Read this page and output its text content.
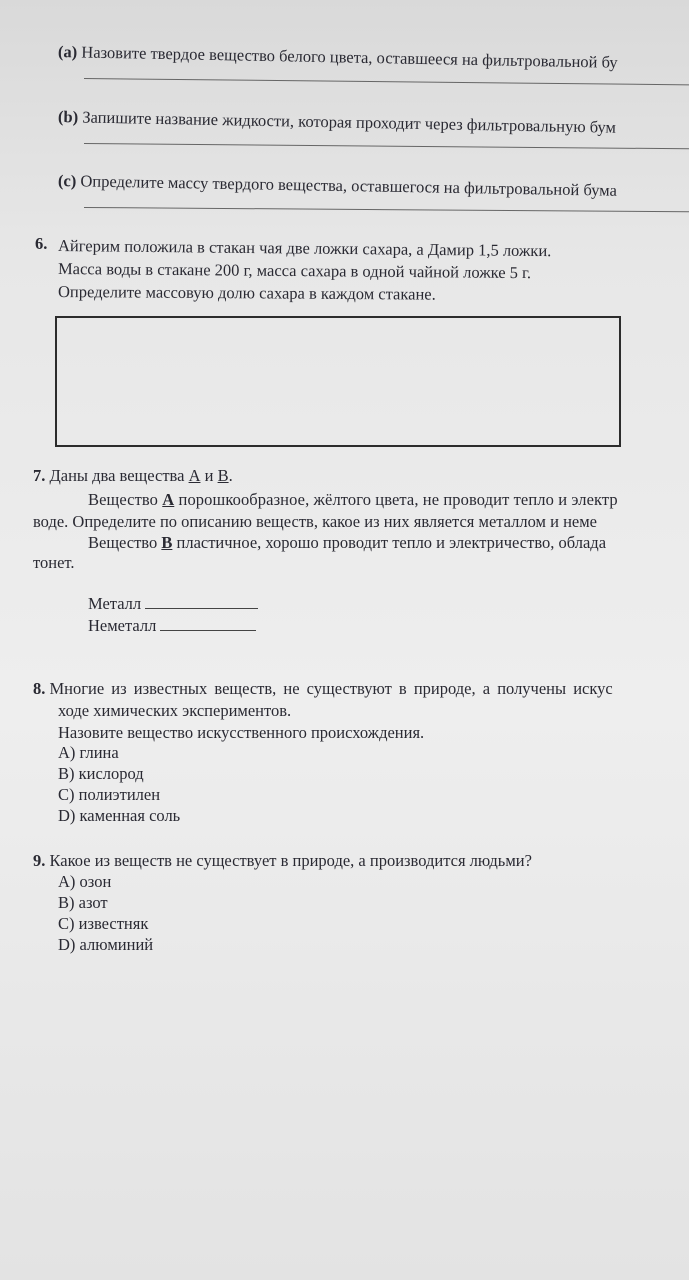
(а) Назовите твердое вещество белого цвета, оставшееся на фильтровальной бу
(b) Запишите название жидкости, которая проходит через фильтровальную бум
(с) Определите массу твердого вещества, оставшегося на фильтровальной бума
6. Айгерим положила в стакан чая две ложки сахара, а Дамир 1,5 ложки.
Масса воды в стакане 200 г, масса сахара в одной чайной ложке 5 г.
Определите массовую долю сахара в каждом стакане.
7. Даны два вещества А и В.
Вещество А порошкообразное, жёлтого цвета, не проводит тепло и электр
воде. Определите по описанию веществ, какое из них является металлом и неме
Вещество В пластичное, хорошо проводит тепло и электричество, облада
тонет.
Металл
Неметалл
8. Многие из известных веществ, не существуют в природе, а получены искус
ходе химических экспериментов.
Назовите вещество искусственного происхождения.
А) глина
В) кислород
С) полиэтилен
D) каменная соль
9. Какое из веществ не существует в природе, а производится людьми?
А) озон
В) азот
С) известняк
D) алюминий
